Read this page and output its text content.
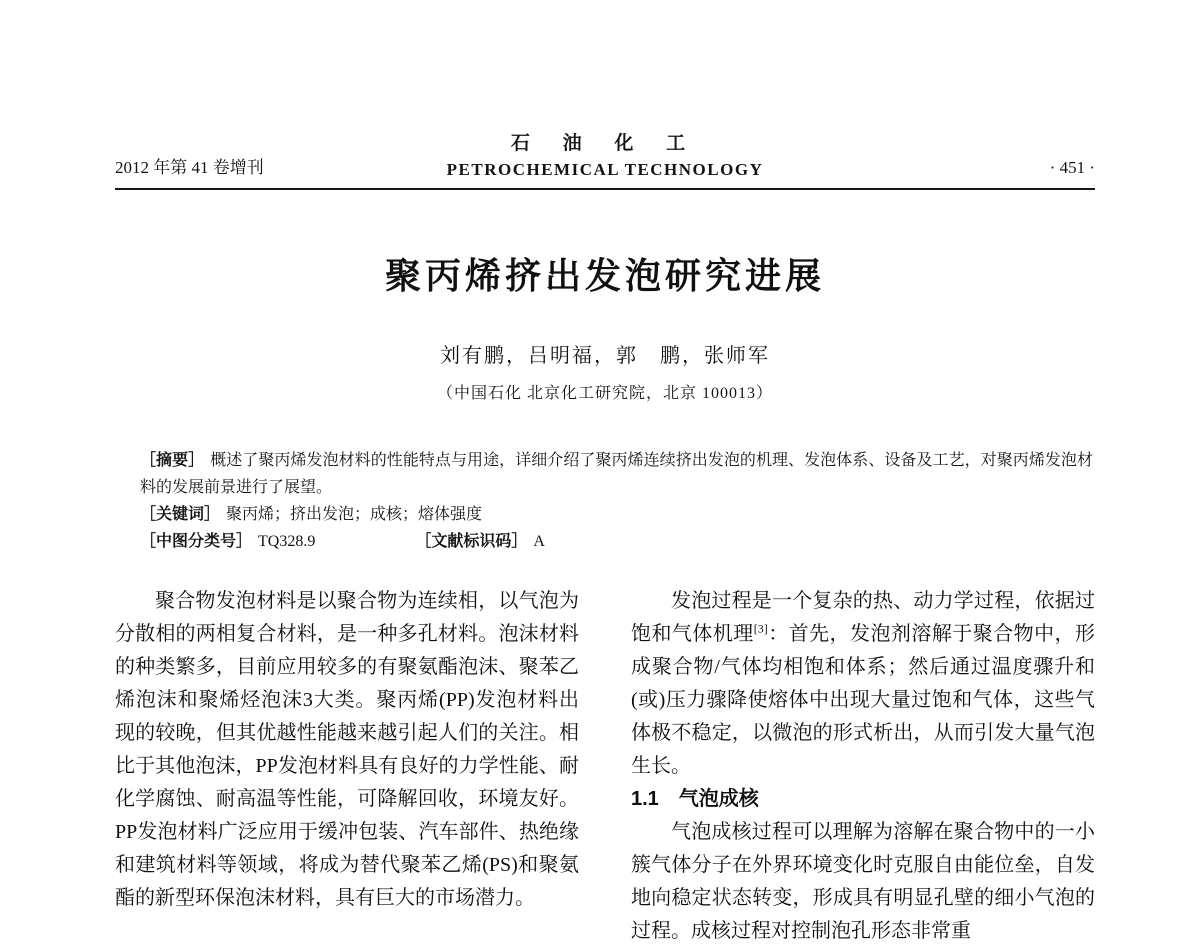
2012 年第 41 卷增刊
石 油 化 工
PETROCHEMICAL TECHNOLOGY	· 451 ·
聚丙烯挤出发泡研究进展
刘有鹏，吕明福，郭　鹏，张师军
（中国石化 北京化工研究院，北京 100013）

［摘要］ 概述了聚丙烯发泡材料的性能特点与用途，详细介绍了聚丙烯连续挤出发泡的机理、发泡体系、设备及工艺，对聚丙烯发泡材料的发展前景进行了展望。

［关键词］ 聚丙烯；挤出发泡；成核；熔体强度

［中图分类号］ TQ328.9	［文献标识码］ A

聚合物发泡材料是以聚合物为连续相，以气泡为分散相的两相复合材料，是一种多孔材料。泡沫材料的种类繁多，目前应用较多的有聚氨酯泡沫、聚苯乙烯泡沫和聚烯烃泡沫3大类。聚丙烯(PP)发泡材料出现的较晚，但其优越性能越来越引起人们的关注。相比于其他泡沫，PP发泡材料具有良好的力学性能、耐化学腐蚀、耐高温等性能，可降解回收，环境友好。PP发泡材料广泛应用于缓冲包装、汽车部件、热绝缘和建筑材料等领域，将成为替代聚苯乙烯(PS)和聚氨酯的新型环保泡沫材料，具有巨大的市场潜力。

发泡过程是一个复杂的热、动力学过程，依据过饱和气体机理[3]：首先，发泡剂溶解于聚合物中，形成聚合物/气体均相饱和体系；然后通过温度骤升和(或)压力骤降使熔体中出现大量过饱和气体，这些气体极不稳定，以微泡的形式析出，从而引发大量气泡生长。

1.1　气泡成核

气泡成核过程可以理解为溶解在聚合物中的一小簇气体分子在外界环境变化时克服自由能位垒，自发地向稳定状态转变，形成具有明显孔壁的细小气泡的过程。成核过程对控制泡孔形态非常重
